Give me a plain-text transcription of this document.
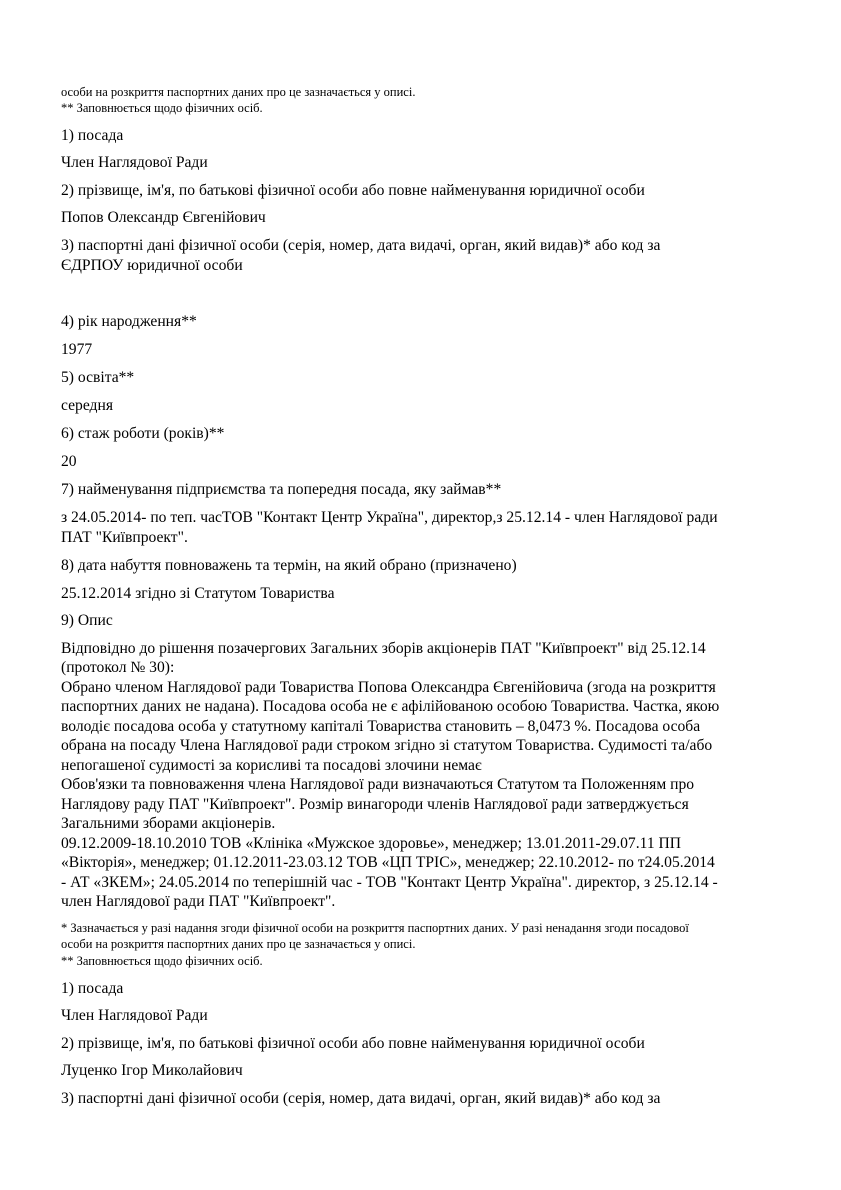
особи на розкриття паспортних даних про це зазначається у описі.
** Заповнюється щодо фізичних осіб.
1) посада
Член Наглядової Ради
2) прізвище, ім'я, по батькові фізичної особи або повне найменування юридичної особи
Попов Олександр Євгенійович
3) паспортні дані фізичної особи (серія, номер, дата видачі, орган, який видав)* або код за
ЄДРПОУ юридичної особи
4) рік народження**
1977
5) освіта**
середня
6) стаж роботи (років)**
20
7) найменування підприємства та попередня посада, яку займав**
з 24.05.2014- по теп. часТОВ "Контакт Центр Україна", директор,з 25.12.14 - член Наглядової ради
ПАТ "Київпроект".
8) дата набуття повноважень та термін, на який обрано (призначено)
25.12.2014 згідно зі Статутом Товариства
9) Опис
Відповідно до рішення позачергових Загальних зборів акціонерів ПАТ "Київпроект" від 25.12.14
(протокол № 30):
Обрано членом Наглядової ради Товариства Попова Олександра Євгенійовича (згода на розкриття
паспортних даних не надана). Посадова особа не є афілійованою особою Товариства. Частка, якою
володіє посадова особа у статутному капіталі Товариства становить – 8,0473 %. Посадова особа
обрана на посаду Члена Наглядової ради строком згідно зі статутом Товариства. Судимості та/або
непогашеної судимості за корисливі та посадові злочини немає
Обов'язки та повноваження члена Наглядової ради визначаються Статутом та Положенням про
Наглядову раду ПАТ "Київпроект". Розмір винагороди членів Наглядової ради затверджується
Загальними зборами акціонерів.
09.12.2009-18.10.2010 ТОВ «Клініка «Мужское здоровье», менеджер; 13.01.2011-29.07.11 ПП
«Вікторія», менеджер; 01.12.2011-23.03.12 ТОВ «ЦП ТРІС», менеджер; 22.10.2012- по т24.05.2014
- АТ «ЗКЕМ»; 24.05.2014 по теперішній час - ТОВ "Контакт Центр Україна". директор, з 25.12.14 -
член Наглядової ради ПАТ "Київпроект".
* Зазначається у разі надання згоди фізичної особи на розкриття паспортних даних. У разі ненадання згоди посадової
особи на розкриття паспортних даних про це зазначається у описі.
** Заповнюється щодо фізичних осіб.
1) посада
Член Наглядової Ради
2) прізвище, ім'я, по батькові фізичної особи або повне найменування юридичної особи
Луценко Ігор Миколайович
3) паспортні дані фізичної особи (серія, номер, дата видачі, орган, який видав)* або код за
